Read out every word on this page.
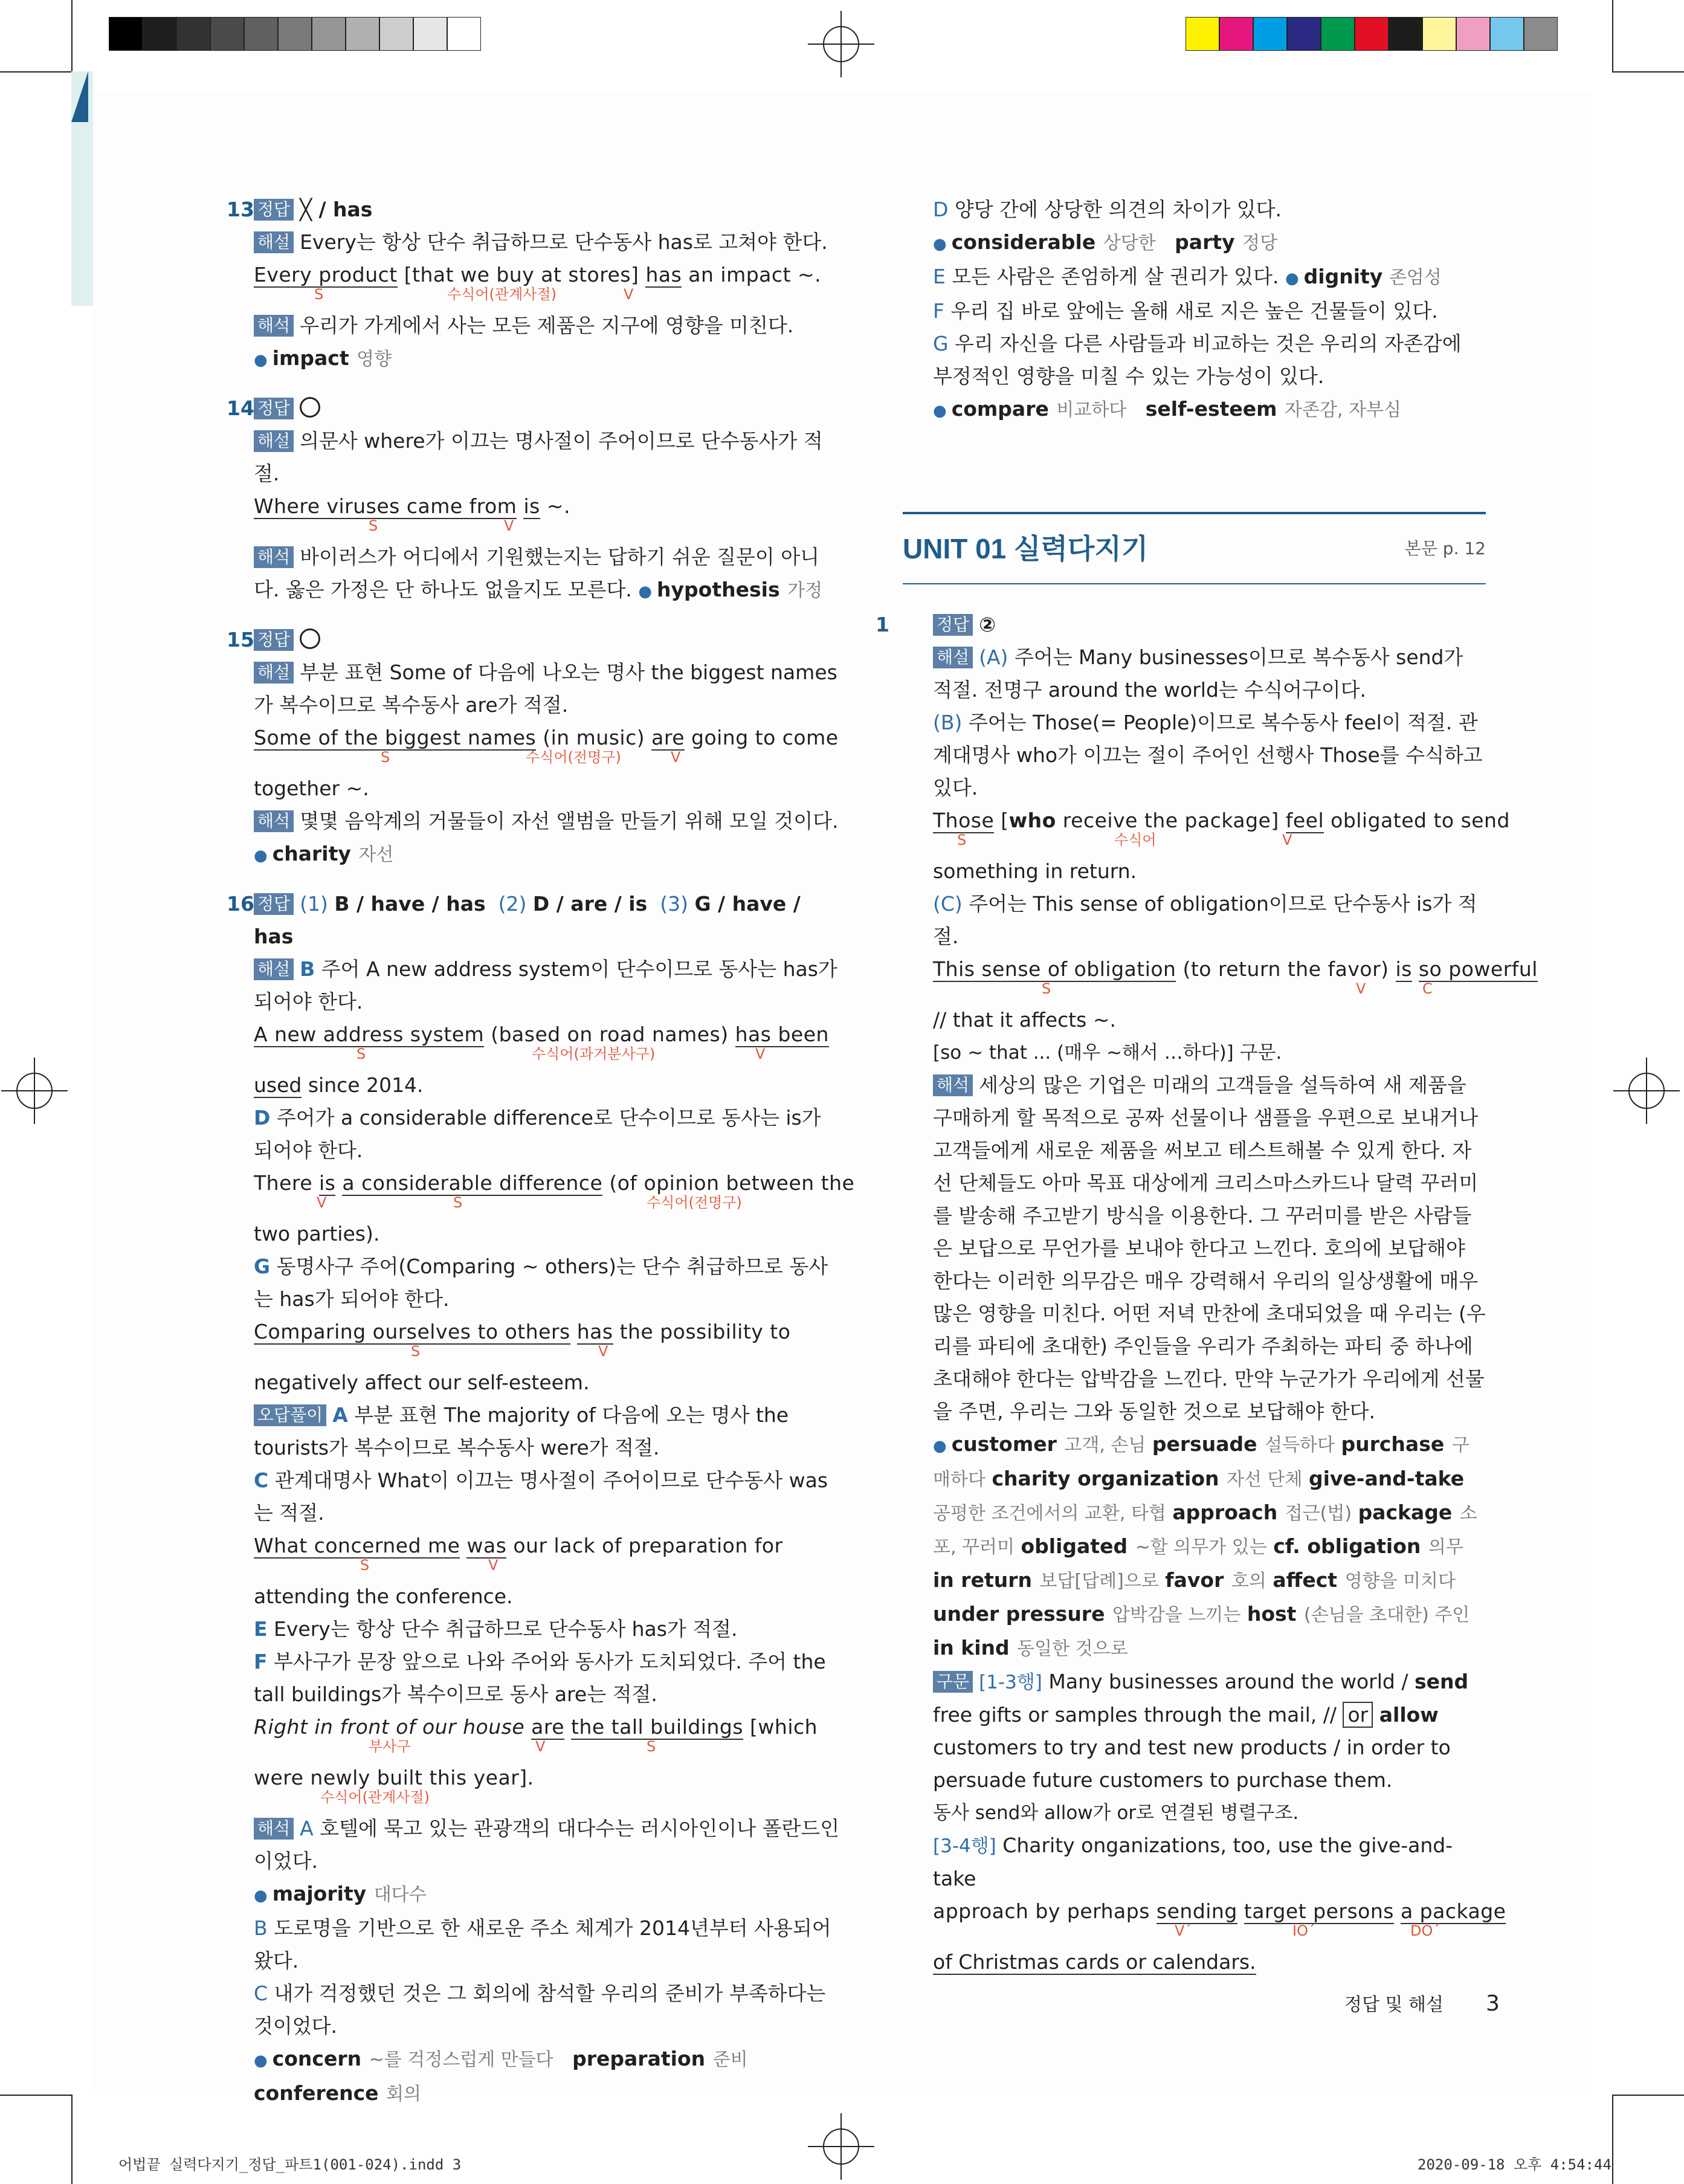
13 정답 ╳ / has

해설 Every는 항상 단수 취급하므로 단수동사 has로 고쳐야 한다.

Every product [that we buy at stores] has an impact ~.
S	수식어(관계사절)	V

해석 우리가 가게에서 사는 모든 제품은 지구에 영향을 미친다.

● impact 영향

14 정답

해설 의문사 where가 이끄는 명사절이 주어이므로 단수동사가 적절.

Where viruses came from is ~.
S	V

해석 바이러스가 어디에서 기원했는지는 답하기 쉬운 질문이 아니다. 옳은 가정은 단 하나도 없을지도 모른다. ● hypothesis 가정

15 정답

해설 부분 표현 Some of 다음에 나오는 명사 the biggest names가 복수이므로 복수동사 are가 적절.

Some of the biggest names (in music) are going to come
S	수식어(전명구)	V

together ~.

해석 몇몇 음악계의 거물들이 자선 앨범을 만들기 위해 모일 것이다.

● charity 자선

16 정답 (1) B / have / has (2) D / are / is (3) G / have / has

해설 B 주어 A new address system이 단수이므로 동사는 has가 되어야 한다.

A new address system (based on road names) has been
S	수식어(과거분사구)	V

used since 2014.

D 주어가 a considerable difference로 단수이므로 동사는 is가 되어야 한다.

There is a considerable difference (of opinion between the
V	S	수식어(전명구)

two parties).

G 동명사구 주어(Comparing ~ others)는 단수 취급하므로 동사는 has가 되어야 한다.

Comparing ourselves to others has the possibility to
S	V

negatively affect our self-esteem.

오답풀이 A 부분 표현 The majority of 다음에 오는 명사 the tourists가 복수이므로 복수동사 were가 적절.

C 관계대명사 What이 이끄는 명사절이 주어이므로 단수동사 was는 적절.

What concerned me was our lack of preparation for
S	V

attending the conference.

E Every는 항상 단수 취급하므로 단수동사 has가 적절.

F 부사구가 문장 앞으로 나와 주어와 동사가 도치되었다. 주어 the tall buildings가 복수이므로 동사 are는 적절.

Right in front of our house are the tall buildings [which
부사구	V	S
were newly built this year].
수식어(관계사절)

해석 A 호텔에 묵고 있는 관광객의 대다수는 러시아인이나 폴란드인이었다.

● majority 대다수

B 도로명을 기반으로 한 새로운 주소 체계가 2014년부터 사용되어 왔다.

C 내가 걱정했던 것은 그 회의에 참석할 우리의 준비가 부족하다는 것이었다.

● concern ~를 걱정스럽게 만들다 preparation 준비   conference 회의

D 양당 간에 상당한 의견의 차이가 있다.

● considerable 상당한 party 정당

E 모든 사람은 존엄하게 살 권리가 있다. ● dignity 존엄성

F 우리 집 바로 앞에는 올해 새로 지은 높은 건물들이 있다.

G 우리 자신을 다른 사람들과 비교하는 것은 우리의 자존감에 부정적인 영향을 미칠 수 있는 가능성이 있다.

● compare 비교하다 self-esteem 자존감, 자부심

UNIT 01 실력다지기	본문 p. 12
1	정답 ②

해설 (A) 주어는 Many businesses이므로 복수동사 send가 적절. 전명구 around the world는 수식어구이다.

(B) 주어는 Those(= People)이므로 복수동사 feel이 적절. 관계대명사 who가 이끄는 절이 주어인 선행사 Those를 수식하고 있다.

Those [who receive the package] feel obligated to send
S	수식어	V

something in return.

(C) 주어는 This sense of obligation이므로 단수동사 is가 적절.

This sense of obligation (to return the favor) is so powerful
S	V	C

// that it affects ~.

[so ~ that ... (매우 ~해서 …하다)] 구문.

해석 세상의 많은 기업은 미래의 고객들을 설득하여 새 제품을 구매하게 할 목적으로 공짜 선물이나 샘플을 우편으로 보내거나 고객들에게 새로운 제품을 써보고 테스트해볼 수 있게 한다. 자선 단체들도 아마 목표 대상에게 크리스마스카드나 달력 꾸러미를 발송해 주고받기 방식을 이용한다. 그 꾸러미를 받은 사람들은 보답으로 무언가를 보내야 한다고 느낀다. 호의에 보답해야 한다는 이러한 의무감은 매우 강력해서 우리의 일상생활에 매우 많은 영향을 미친다. 어떤 저녁 만찬에 초대되었을 때 우리는 (우리를 파티에 초대한) 주인들을 우리가 주최하는 파티 중 하나에 초대해야 한다는 압박감을 느낀다. 만약 누군가가 우리에게 선물을 주면, 우리는 그와 동일한 것으로 보답해야 한다.

● customer 고객, 손님 persuade 설득하다 purchase 구매하다 charity organization 자선 단체 give-and-take 공평한 조건에서의 교환, 타협 approach 접근(법) package 소포, 꾸러미 obligated ~할 의무가 있는 cf. obligation 의무 in return 보답[답례]으로 favor 호의 affect 영향을 미치다 under pressure 압박감을 느끼는 host (손님을 초대한) 주인 in kind 동일한 것으로

구문 [1-3행] Many businesses around the world / send free gifts or samples through the mail, // or allow customers to try and test new products / in order to persuade future customers to purchase them.

동사 send와 allow가 or로 연결된 병렬구조.

[3-4행] Charity onganizations, too, use the give-and-take

approach by perhaps sending target persons a package
V´	IO´	DO´

of Christmas cards or calendars.

정답 및 해설 3
어법끝 실력다지기_정답_파트1(001-024).indd 3	2020-09-18 오후 4:54:44
